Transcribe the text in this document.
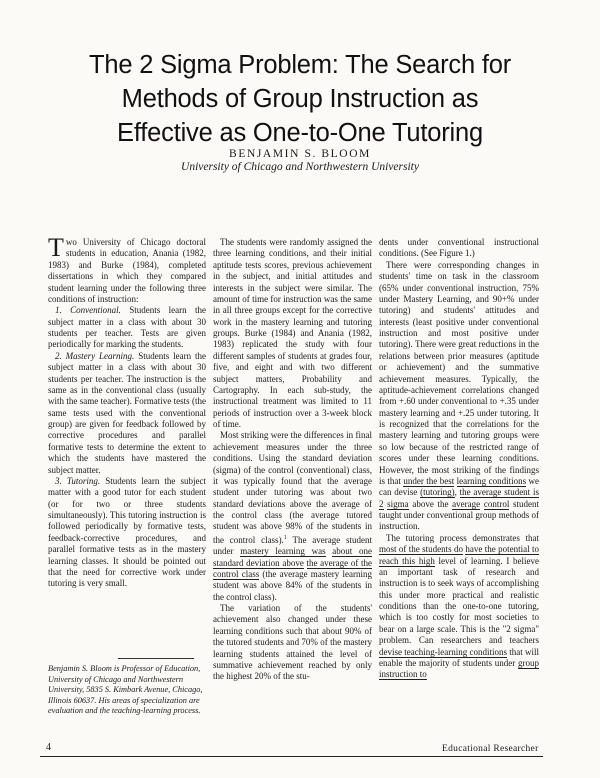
The 2 Sigma Problem: The Search for
Methods of Group Instruction as
Effective as One-to-One Tutoring
BENJAMIN S. BLOOM
University of Chicago and Northwestern University

Two University of Chicago doctoral students in education, Anania (1982, 1983) and Burke (1984), completed dissertations in which they compared student learning under the following three conditions of instruction:

1. Conventional. Students learn the subject matter in a class with about 30 students per teacher. Tests are given periodically for marking the students.

2. Mastery Learning. Students learn the subject matter in a class with about 30 students per teacher. The instruction is the same as in the conventional class (usually with the same teacher). Formative tests (the same tests used with the conventional group) are given for feedback followed by corrective procedures and parallel formative tests to determine the extent to which the students have mastered the subject matter.

3. Tutoring. Students learn the subject matter with a good tutor for each student (or for two or three students simultaneously). This tutoring instruction is followed periodically by formative tests, feedback-corrective procedures, and parallel formative tests as in the mastery learning classes. It should be pointed out that the need for corrective work under tutoring is very small.

The students were randomly assigned the three learning conditions, and their initial aptitude tests scores, previous achievement in the subject, and initial attitudes and interests in the subject were similar. The amount of time for instruction was the same in all three groups except for the corrective work in the mastery learning and tutoring groups. Burke (1984) and Anania (1982, 1983) replicated the study with four different samples of students at grades four, five, and eight and with two different subject matters, Probability and Cartography. In each sub-study, the instructional treatment was limited to 11 periods of instruction over a 3-week block of time.

Most striking were the differences in final achievement measures under the three conditions. Using the standard deviation (sigma) of the control (conventional) class, it was typically found that the average student under tutoring was about two standard deviations above the average of the control class (the average tutored student was above 98% of the students in the control class).$^1$ The average student under mastery learning was about one standard deviation above the average of the control class (the average mastery learning student was above 84% of the students in the control class).

The variation of the students' achievement also changed under these learning conditions such that about 90% of the tutored students and 70% of the mastery learning students attained the level of summative achievement reached by only the highest 20% of the stu-

dents under conventional instructional conditions. (See Figure 1.)

There were corresponding changes in students' time on task in the classroom (65% under conventional instruction, 75% under Mastery Learning, and 90+% under tutoring) and students' attitudes and interests (least positive under conventional instruction and most positive under tutoring). There were great reductions in the relations between prior measures (aptitude or achievement) and the summative achievement measures. Typically, the aptitude-achievement correlations changed from +.60 under conventional to +.35 under mastery learning and +.25 under tutoring. It is recognized that the correlations for the mastery learning and tutoring groups were so low because of the restricted range of scores under these learning conditions. However, the most striking of the findings is that under the best learning conditions we can devise (tutoring), the average student is 2 sigma above the average control student taught under conventional group methods of instruction.

The tutoring process demonstrates that most of the students do have the potential to reach this high level of learning. I believe an important task of research and instruction is to seek ways of accomplishing this under more practical and realistic conditions than the one-to-one tutoring, which is too costly for most societies to bear on a large scale. This is the "2 sigma" problem. Can researchers and teachers devise teaching-learning conditions that will enable the majority of students under group instruction to

Benjamin S. Bloom is Professor of Education, University of Chicago and Northwestern University, 5835 S. Kimbark Avenue, Chicago, Illinois 60637. His areas of specialization are evaluation and the teaching-learning process.
4	Educational Researcher
